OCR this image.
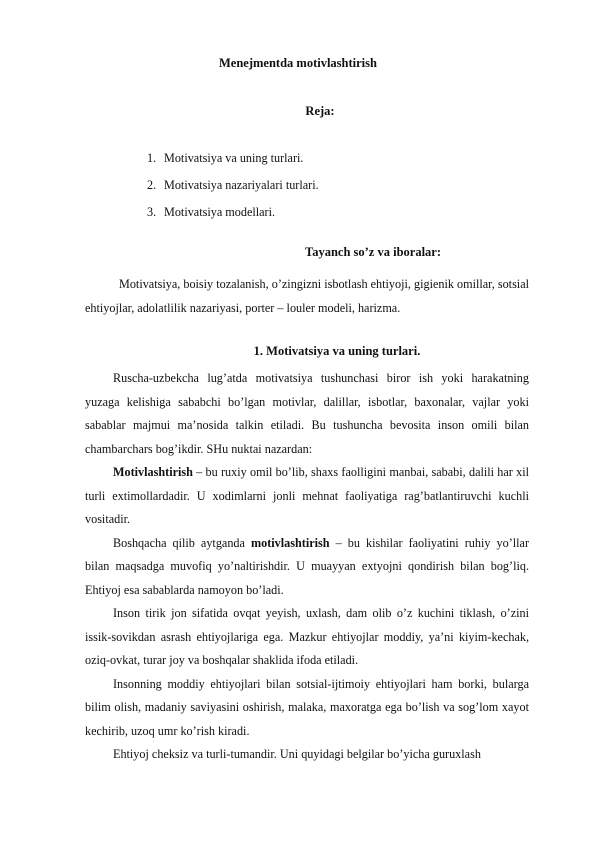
Menejmentda motivlashtirish
Reja:
1. Motivatsiya va uning turlari.
2. Motivatsiya nazariyalari turlari.
3. Motivatsiya modellari.
Tayanch so’z va iboralar:

Motivatsiya, boisiy tozalanish, o’zingizni isbotlash ehtiyoji, gigienik omillar, sotsial ehtiyojlar, adolatlilik nazariyasi, porter – louler modeli, harizma.

1. Motivatsiya va uning turlari.

Ruscha-uzbekcha lug’atda motivatsiya tushunchasi biror ish yoki harakatning yuzaga kelishiga sababchi bo’lgan motivlar, dalillar, isbotlar, baxonalar, vajlar yoki sabablar majmui ma’nosida talkin etiladi. Bu tushuncha bevosita inson omili bilan chambarchars bog’ikdir. SHu nuktai nazardan:

Motivlashtirish – bu ruxiy omil bo’lib, shaxs faolligini manbai, sababi, dalili har xil turli extimollardadir. U xodimlarni jonli mehnat faoliyatiga rag’batlantiruvchi kuchli vositadir.

Boshqacha qilib aytganda motivlashtirish – bu kishilar faoliyatini ruhiy yo’llar bilan maqsadga muvofiq yo’naltirishdir. U muayyan extyojni qondirish bilan bog’liq. Ehtiyoj esa sabablarda namoyon bo’ladi.

Inson tirik jon sifatida ovqat yeyish, uxlash, dam olib o’z kuchini tiklash, o’zini issik-sovikdan asrash ehtiyojlariga ega. Mazkur ehtiyojlar moddiy, ya’ni kiyim-kechak, oziq-ovkat, turar joy va boshqalar shaklida ifoda etiladi.

Insonning moddiy ehtiyojlari bilan sotsial-ijtimoiy ehtiyojlari ham borki, bularga bilim olish, madaniy saviyasini oshirish, malaka, maxoratga ega bo’lish va sog’lom xayot kechirib, uzoq umr ko’rish kiradi.

Ehtiyoj cheksiz va turli-tumandir. Uni quyidagi belgilar bo’yicha guruxlash
